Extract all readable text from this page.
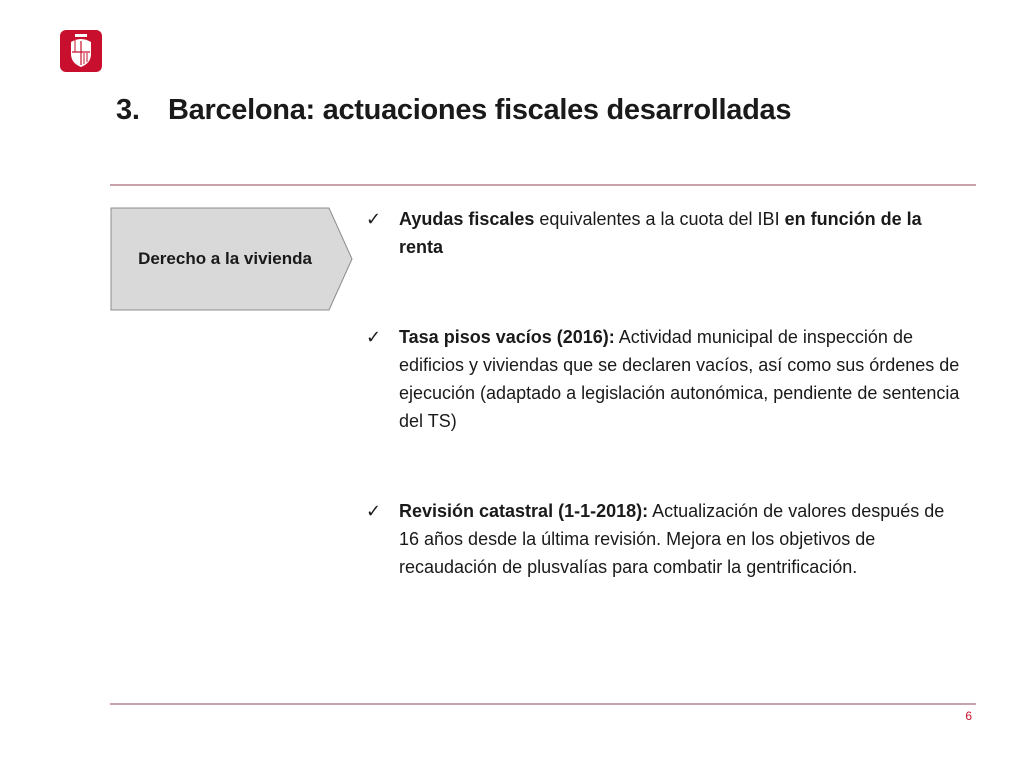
3. Barcelona: actuaciones fiscales desarrolladas
Derecho a la vivienda
✓ Ayudas fiscales equivalentes a la cuota del IBI en función de la renta
✓ Tasa pisos vacíos (2016): Actividad municipal de inspección de edificios y viviendas que se declaren vacíos, así como sus órdenes de ejecución (adaptado a legislación autonómica, pendiente de sentencia del TS)
✓ Revisión catastral (1-1-2018): Actualización de valores después de 16 años desde la última revisión. Mejora en los objetivos de recaudación de plusvalías para combatir la gentrificación.
6
